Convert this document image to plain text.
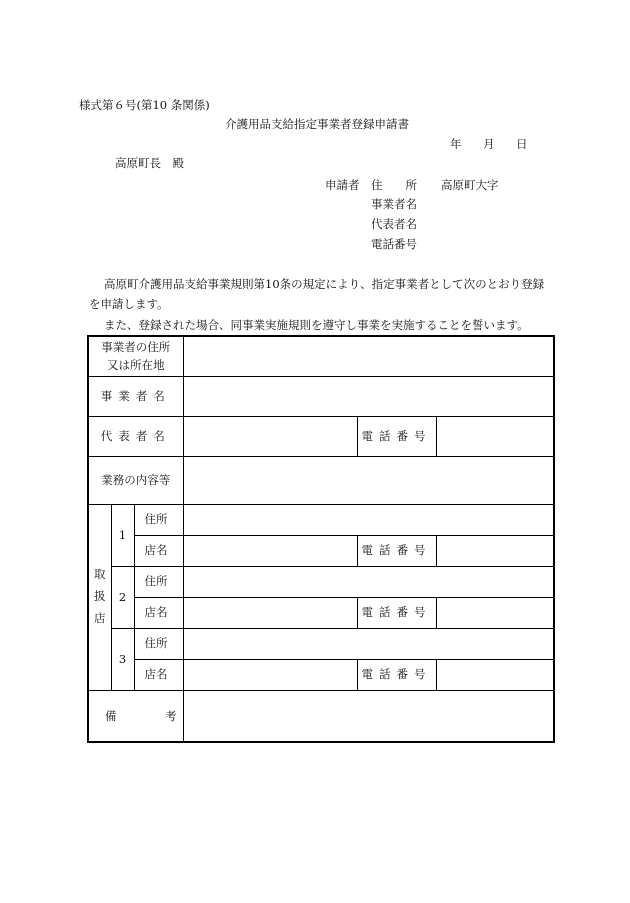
様式第６号(第10 条関係)
介護用品支給指定事業者登録申請書
年 月 日
高原町長　殿
申請者 住　　所 高原町大字
事業者名
代表者名
電話番号
高原町介護用品支給事業規則第10条の規定により、指定事業者として次のとおり登録
を申請します。
また、登録された場合、同事業実施規則を遵守し事業を実施することを誓います。
事業者の住所
又は所在地					

事業者名					
代表者名				電話番号	
業務の内容等					

取
扱
店	1	住所			
		店名		電話番号	
	2	住所			
		店名		電話番号	
	3	住所			
		店名		電話番号	

備 考					
